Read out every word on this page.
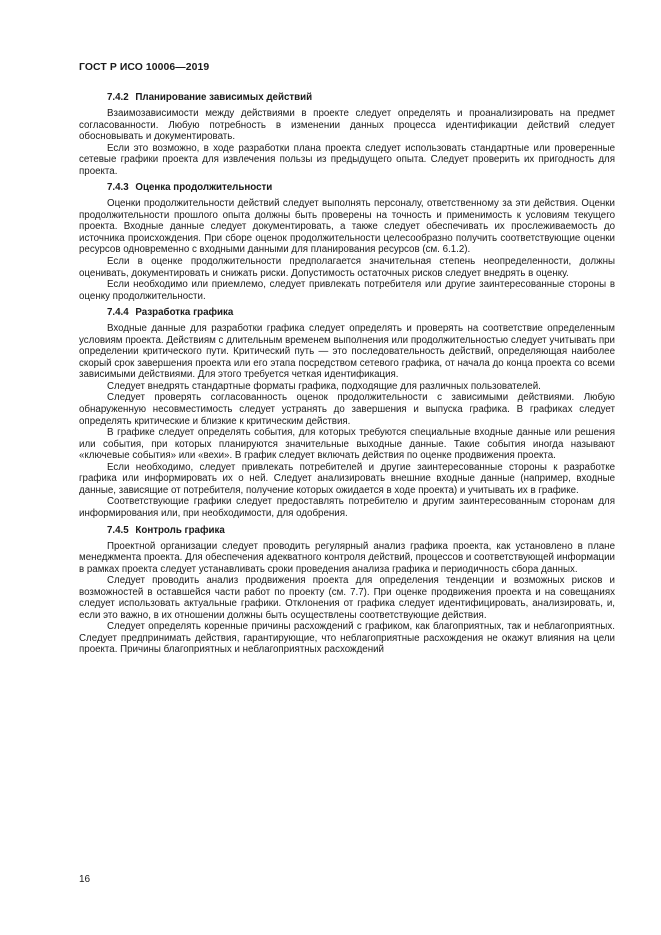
ГОСТ Р ИСО 10006—2019

7.4.2 Планирование зависимых действий

Взаимозависимости между действиями в проекте следует определять и проанализировать на предмет согласованности. Любую потребность в изменении данных процесса идентификации действий следует обосновывать и документировать.

Если это возможно, в ходе разработки плана проекта следует использовать стандартные или проверенные сетевые графики проекта для извлечения пользы из предыдущего опыта. Следует проверить их пригодность для проекта.

7.4.3 Оценка продолжительности

Оценки продолжительности действий следует выполнять персоналу, ответственному за эти действия. Оценки продолжительности прошлого опыта должны быть проверены на точность и применимость к условиям текущего проекта. Входные данные следует документировать, а также следует обеспечивать их прослеживаемость до источника происхождения. При сборе оценок продолжительности целесообразно получить соответствующие оценки ресурсов одновременно с входными данными для планирования ресурсов (см. 6.1.2).

Если в оценке продолжительности предполагается значительная степень неопределенности, должны оценивать, документировать и снижать риски. Допустимость остаточных рисков следует внедрять в оценку.

Если необходимо или приемлемо, следует привлекать потребителя или другие заинтересованные стороны в оценку продолжительности.

7.4.4 Разработка графика

Входные данные для разработки графика следует определять и проверять на соответствие определенным условиям проекта. Действиям с длительным временем выполнения или продолжительностью следует учитывать при определении критического пути. Критический путь — это последовательность действий, определяющая наиболее скорый срок завершения проекта или его этапа посредством сетевого графика, от начала до конца проекта со всеми зависимыми действиями. Для этого требуется четкая идентификация.

Следует внедрять стандартные форматы графика, подходящие для различных пользователей.

Следует проверять согласованность оценок продолжительности с зависимыми действиями. Любую обнаруженную несовместимость следует устранять до завершения и выпуска графика. В графиках следует определять критические и близкие к критическим действия.

В графике следует определять события, для которых требуются специальные входные данные или решения или события, при которых планируются значительные выходные данные. Такие события иногда называют «ключевые события» или «вехи». В график следует включать действия по оценке продвижения проекта.

Если необходимо, следует привлекать потребителей и другие заинтересованные стороны к разработке графика или информировать их о ней. Следует анализировать внешние входные данные (например, входные данные, зависящие от потребителя, получение которых ожидается в ходе проекта) и учитывать их в графике.

Соответствующие графики следует предоставлять потребителю и другим заинтересованным сторонам для информирования или, при необходимости, для одобрения.

7.4.5 Контроль графика

Проектной организации следует проводить регулярный анализ графика проекта, как установлено в плане менеджмента проекта. Для обеспечения адекватного контроля действий, процессов и соответствующей информации в рамках проекта следует устанавливать сроки проведения анализа графика и периодичность сбора данных.

Следует проводить анализ продвижения проекта для определения тенденции и возможных рисков и возможностей в оставшейся части работ по проекту (см. 7.7). При оценке продвижения проекта и на совещаниях следует использовать актуальные графики. Отклонения от графика следует идентифицировать, анализировать, и, если это важно, в их отношении должны быть осуществлены соответствующие действия.

Следует определять коренные причины расхождений с графиком, как благоприятных, так и неблагоприятных. Следует предпринимать действия, гарантирующие, что неблагоприятные расхождения не окажут влияния на цели проекта. Причины благоприятных и неблагоприятных расхождений

16
